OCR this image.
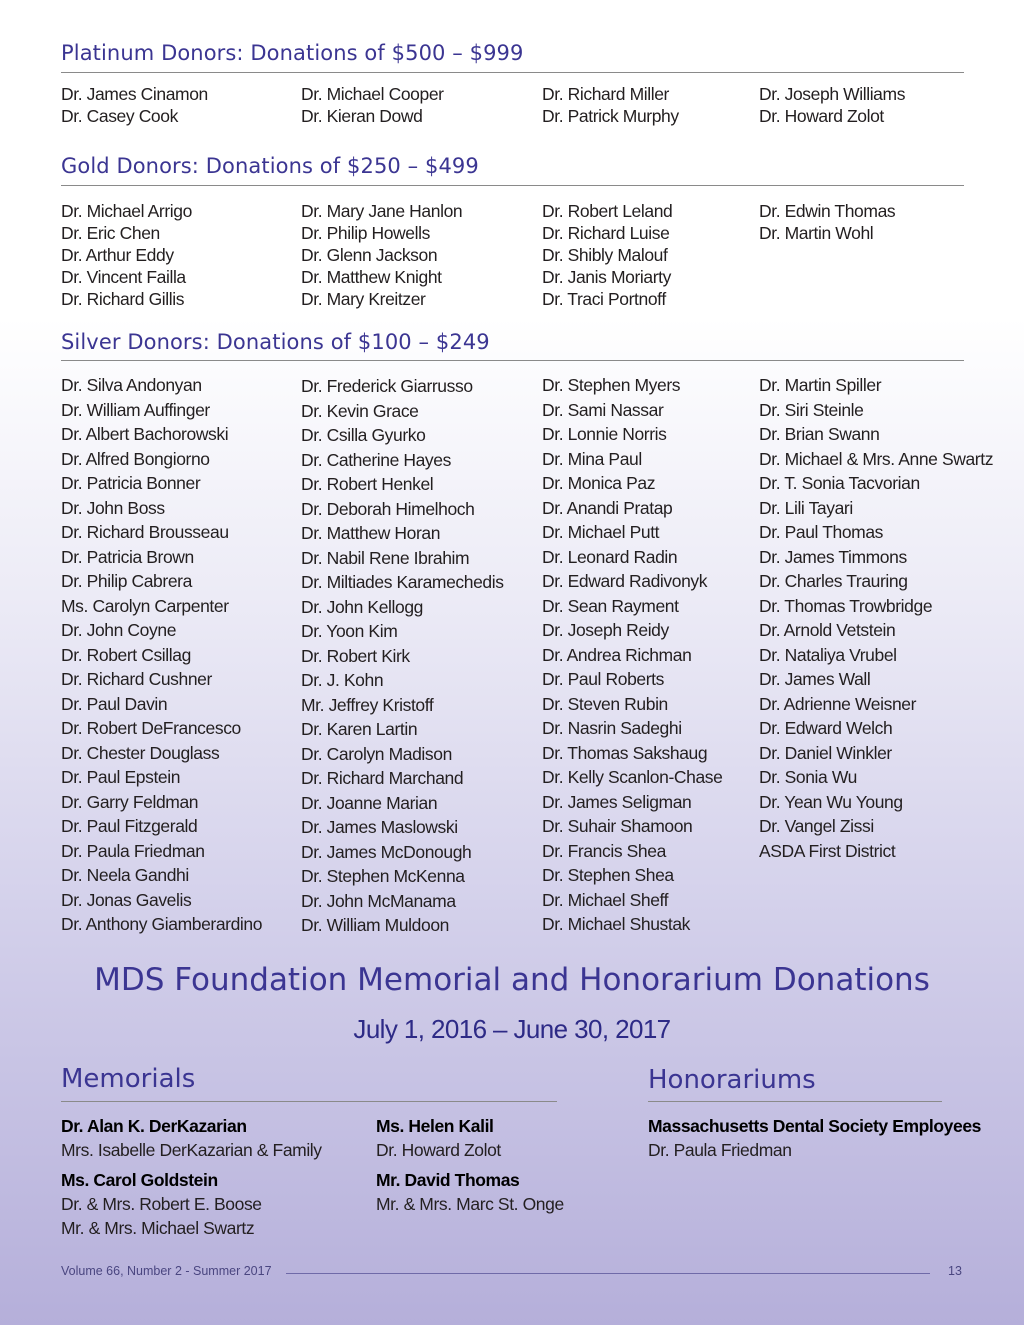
Platinum Donors: Donations of $500 – $999
Dr. James Cinamon
Dr. Casey Cook
Dr. Michael Cooper
Dr. Kieran Dowd
Dr. Richard Miller
Dr. Patrick Murphy
Dr. Joseph Williams
Dr. Howard Zolot
Gold Donors: Donations of $250 – $499
Dr. Michael Arrigo
Dr. Eric Chen
Dr. Arthur Eddy
Dr. Vincent Failla
Dr. Richard Gillis
Dr. Mary Jane Hanlon
Dr. Philip Howells
Dr. Glenn Jackson
Dr. Matthew Knight
Dr. Mary Kreitzer
Dr. Robert Leland
Dr. Richard Luise
Dr. Shibly Malouf
Dr. Janis Moriarty
Dr. Traci Portnoff
Dr. Edwin Thomas
Dr. Martin Wohl
Silver Donors: Donations of $100 – $249
Dr. Silva Andonyan
Dr. William Auffinger
Dr. Albert Bachorowski
Dr. Alfred Bongiorno
Dr. Patricia Bonner
Dr. John Boss
Dr. Richard Brousseau
Dr. Patricia Brown
Dr. Philip Cabrera
Ms. Carolyn Carpenter
Dr. John Coyne
Dr. Robert Csillag
Dr. Richard Cushner
Dr. Paul Davin
Dr. Robert DeFrancesco
Dr. Chester Douglass
Dr. Paul Epstein
Dr. Garry Feldman
Dr. Paul Fitzgerald
Dr. Paula Friedman
Dr. Neela Gandhi
Dr. Jonas Gavelis
Dr. Anthony Giamberardino
Dr. Frederick Giarrusso
Dr. Kevin Grace
Dr. Csilla Gyurko
Dr. Catherine Hayes
Dr. Robert Henkel
Dr. Deborah Himelhoch
Dr. Matthew Horan
Dr. Nabil Rene Ibrahim
Dr. Miltiades Karamechedis
Dr. John Kellogg
Dr. Yoon Kim
Dr. Robert Kirk
Dr. J. Kohn
Mr. Jeffrey Kristoff
Dr. Karen Lartin
Dr. Carolyn Madison
Dr. Richard Marchand
Dr. Joanne Marian
Dr. James Maslowski
Dr. James McDonough
Dr. Stephen McKenna
Dr. John McManama
Dr. William Muldoon
Dr. Stephen Myers
Dr. Sami Nassar
Dr. Lonnie Norris
Dr. Mina Paul
Dr. Monica Paz
Dr. Anandi Pratap
Dr. Michael Putt
Dr. Leonard Radin
Dr. Edward Radivonyk
Dr. Sean Rayment
Dr. Joseph Reidy
Dr. Andrea Richman
Dr. Paul Roberts
Dr. Steven Rubin
Dr. Nasrin Sadeghi
Dr. Thomas Sakshaug
Dr. Kelly Scanlon-Chase
Dr. James Seligman
Dr. Suhair Shamoon
Dr. Francis Shea
Dr. Stephen Shea
Dr. Michael Sheff
Dr. Michael Shustak
Dr. Martin Spiller
Dr. Siri Steinle
Dr. Brian Swann
Dr. Michael & Mrs. Anne Swartz
Dr. T. Sonia Tacvorian
Dr. Lili Tayari
Dr. Paul Thomas
Dr. James Timmons
Dr. Charles Trauring
Dr. Thomas Trowbridge
Dr. Arnold Vetstein
Dr. Nataliya Vrubel
Dr. James Wall
Dr. Adrienne Weisner
Dr. Edward Welch
Dr. Daniel Winkler
Dr. Sonia Wu
Dr. Yean Wu Young
Dr. Vangel Zissi
ASDA First District
MDS Foundation Memorial and Honorarium Donations
July 1, 2016 – June 30, 2017
Memorials
Dr. Alan K. DerKazarian
Mrs. Isabelle DerKazarian & Family
Ms. Carol Goldstein
Dr. & Mrs. Robert E. Boose
Mr. & Mrs. Michael Swartz
Ms. Helen Kalil
Dr. Howard Zolot
Mr. David Thomas
Mr. & Mrs. Marc St. Onge
Honorariums
Massachusetts Dental Society Employees
Dr. Paula Friedman
Volume 66, Number 2 - Summer 2017	13
